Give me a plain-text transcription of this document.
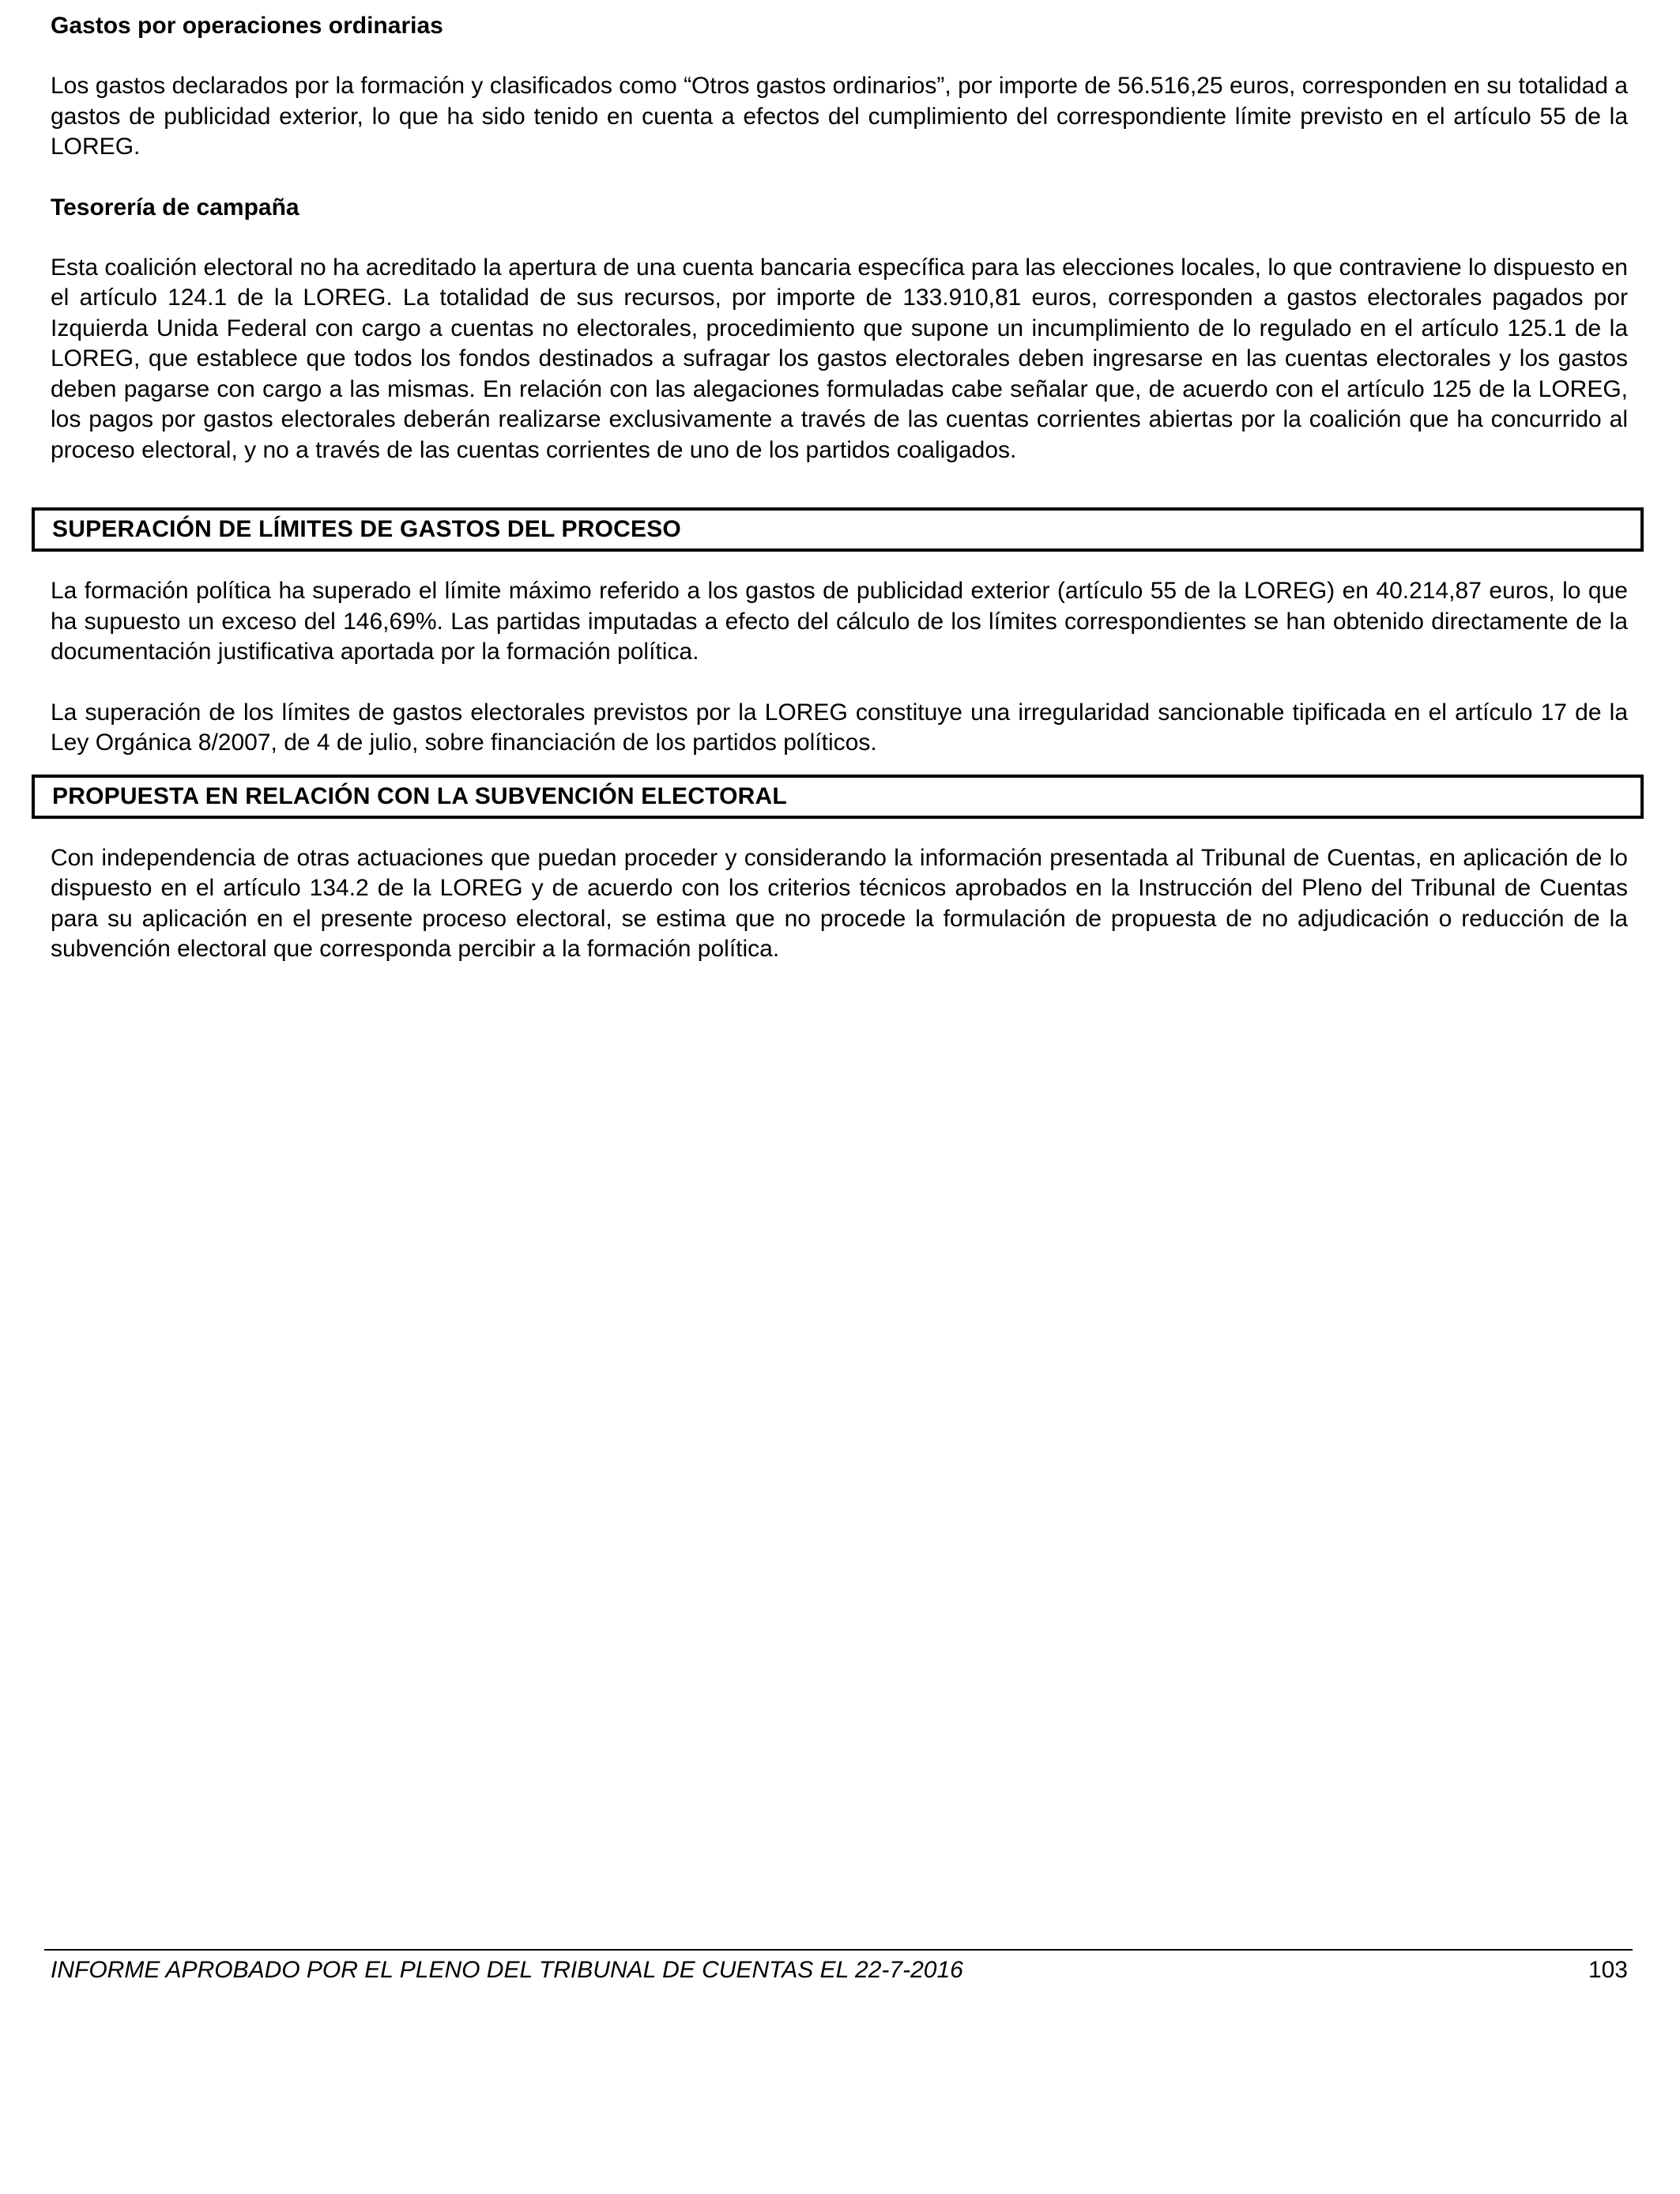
Gastos por operaciones ordinarias

Los gastos declarados por la formación y clasificados como “Otros gastos ordinarios”, por importe de 56.516,25 euros, corresponden en su totalidad a gastos de publicidad exterior, lo que ha sido tenido en cuenta a efectos del cumplimiento del correspondiente límite previsto en el artículo 55 de la LOREG.

Tesorería de campaña

Esta coalición electoral no ha acreditado la apertura de una cuenta bancaria específica para las elecciones locales, lo que contraviene lo dispuesto en el artículo 124.1 de la LOREG. La totalidad de sus recursos, por importe de 133.910,81 euros, corresponden a gastos electorales pagados por Izquierda Unida Federal con cargo a cuentas no electorales, procedimiento que supone un incumplimiento de lo regulado en el artículo 125.1 de la LOREG, que establece que todos los fondos destinados a sufragar los gastos electorales deben ingresarse en las cuentas electorales y los gastos deben pagarse con cargo a las mismas. En relación con las alegaciones formuladas cabe señalar que, de acuerdo con el artículo 125 de la LOREG, los pagos por gastos electorales deberán realizarse exclusivamente a través de las cuentas corrientes abiertas por la coalición que ha concurrido al proceso electoral, y no a través de las cuentas corrientes de uno de los partidos coaligados.

SUPERACIÓN DE LÍMITES DE GASTOS DEL PROCESO

La formación política ha superado el límite máximo referido a los gastos de publicidad exterior (artículo 55 de la LOREG) en 40.214,87 euros, lo que ha supuesto un exceso del 146,69%. Las partidas imputadas a efecto del cálculo de los límites correspondientes se han obtenido directamente de la documentación justificativa aportada por la formación política.

La superación de los límites de gastos electorales previstos por la LOREG constituye una irregularidad sancionable tipificada en el artículo 17 de la Ley Orgánica 8/2007, de 4 de julio, sobre financiación de los partidos políticos.

PROPUESTA EN RELACIÓN CON LA SUBVENCIÓN ELECTORAL

Con independencia de otras actuaciones que puedan proceder y considerando la información presentada al Tribunal de Cuentas, en aplicación de lo dispuesto en el artículo 134.2 de la LOREG y de acuerdo con los criterios técnicos aprobados en la Instrucción del Pleno del Tribunal de Cuentas para su aplicación en el presente proceso electoral, se estima que no procede la formulación de propuesta de no adjudicación o reducción de la subvención electoral que corresponda percibir a la formación política.

INFORME APROBADO POR EL PLENO DEL TRIBUNAL DE CUENTAS EL 22-7-2016	103
